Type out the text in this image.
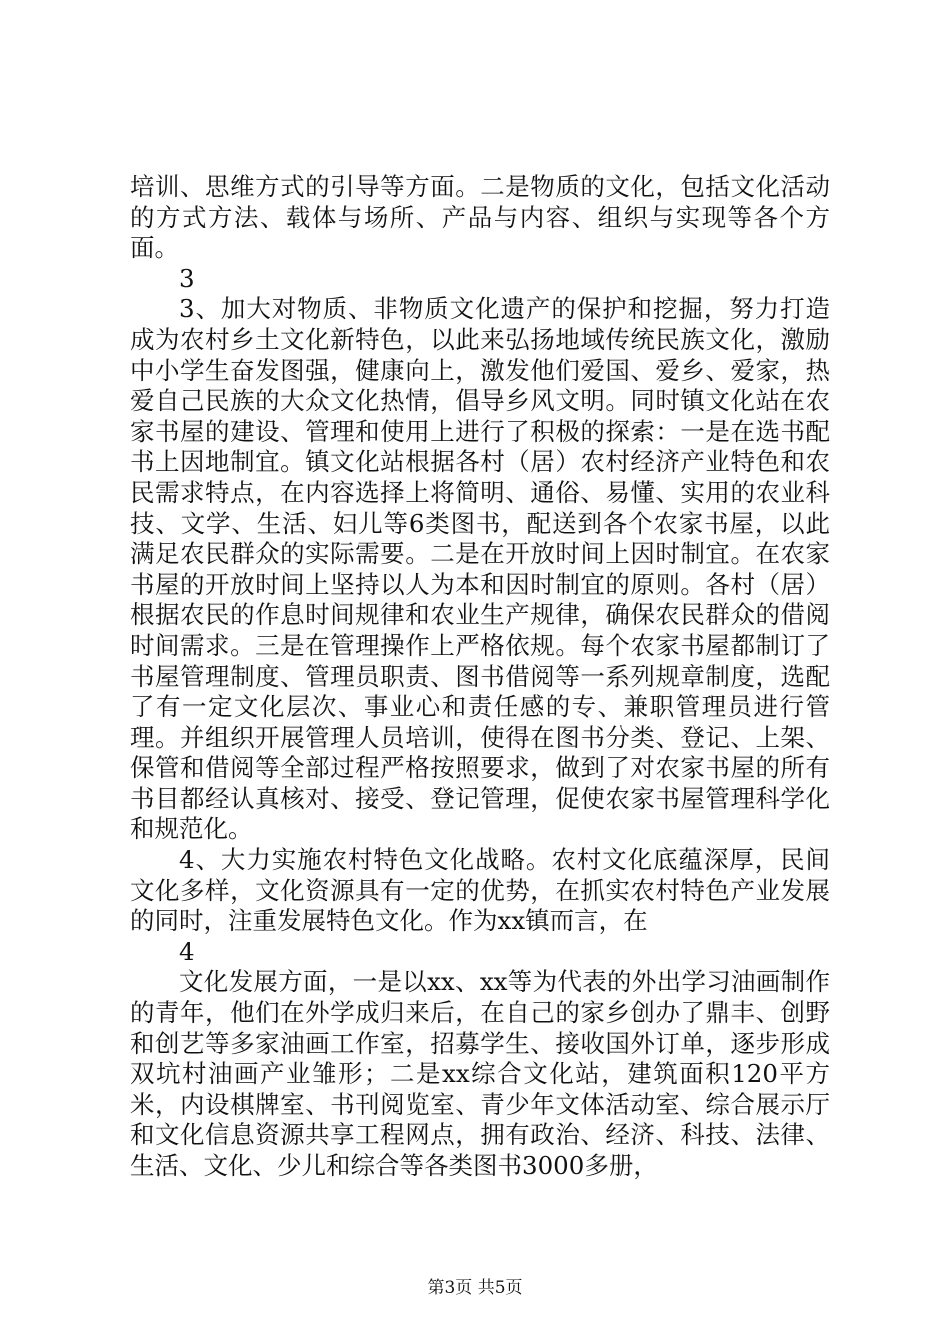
培训、思维方式的引导等方面。二是物质的文化，包括文化活动的方式方法、载体与场所、产品与内容、组织与实现等各个方面。

3

3、加大对物质、非物质文化遗产的保护和挖掘，努力打造成为农村乡土文化新特色，以此来弘扬地域传统民族文化，激励中小学生奋发图强，健康向上，激发他们爱国、爱乡、爱家，热爱自己民族的大众文化热情，倡导乡风文明。同时镇文化站在农家书屋的建设、管理和使用上进行了积极的探索：一是在选书配书上因地制宜。镇文化站根据各村（居）农村经济产业特色和农民需求特点，在内容选择上将简明、通俗、易懂、实用的农业科技、文学、生活、妇儿等6类图书，配送到各个农家书屋，以此满足农民群众的实际需要。二是在开放时间上因时制宜。在农家书屋的开放时间上坚持以人为本和因时制宜的原则。各村（居）根据农民的作息时间规律和农业生产规律，确保农民群众的借阅时间需求。三是在管理操作上严格依规。每个农家书屋都制订了书屋管理制度、管理员职责、图书借阅等一系列规章制度，选配了有一定文化层次、事业心和责任感的专、兼职管理员进行管理。并组织开展管理人员培训，使得在图书分类、登记、上架、保管和借阅等全部过程严格按照要求，做到了对农家书屋的所有书目都经认真核对、接受、登记管理，促使农家书屋管理科学化和规范化。

4、大力实施农村特色文化战略。农村文化底蕴深厚，民间文化多样，文化资源具有一定的优势，在抓实农村特色产业发展的同时，注重发展特色文化。作为xx镇而言，在

4

文化发展方面，一是以xx、xx等为代表的外出学习油画制作的青年，他们在外学成归来后，在自己的家乡创办了鼎丰、创野和创艺等多家油画工作室，招募学生、接收国外订单，逐步形成双坑村油画产业雏形；二是xx综合文化站，建筑面积120平方米，内设棋牌室、书刊阅览室、青少年文体活动室、综合展示厅和文化信息资源共享工程网点，拥有政治、经济、科技、法律、生活、文化、少儿和综合等各类图书3000多册，

第3页 共5页
